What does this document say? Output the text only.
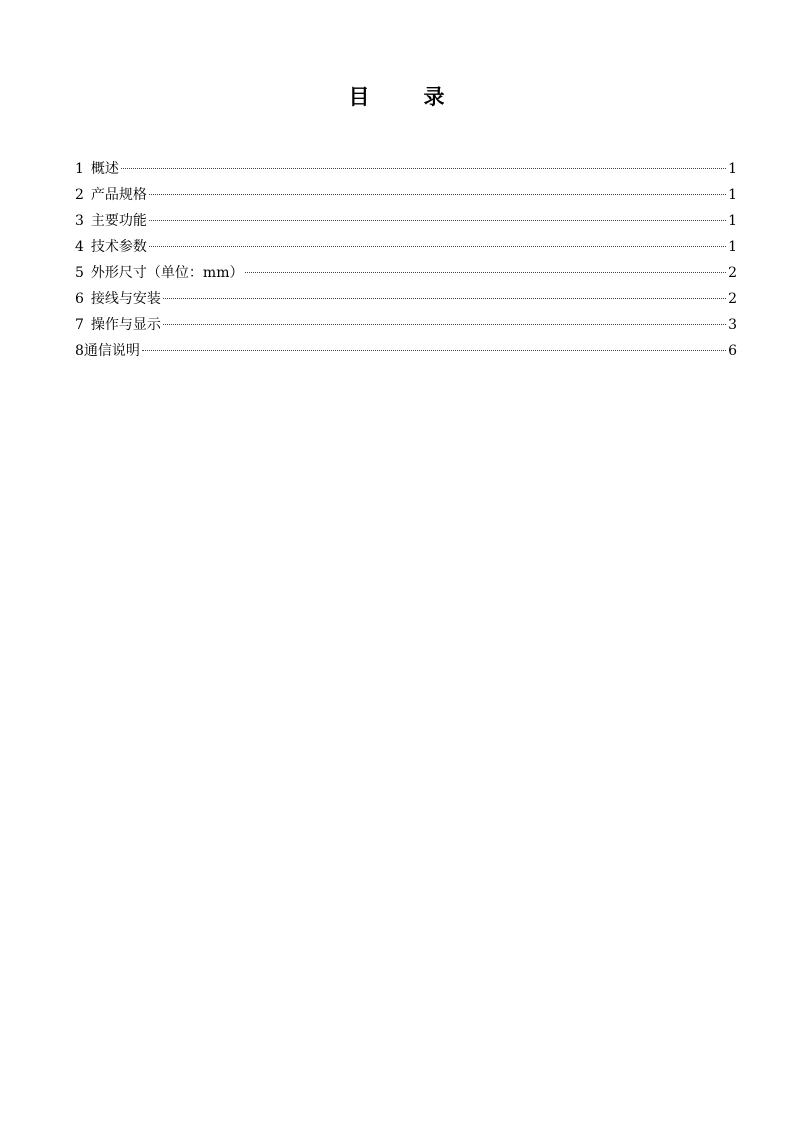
目	录
1 概述	1
2 产品规格	1
3 主要功能	1
4 技术参数	1
5 外形尺寸（单位：mm）	2
6 接线与安装	2
7 操作与显示	3
8 通信说明	6
